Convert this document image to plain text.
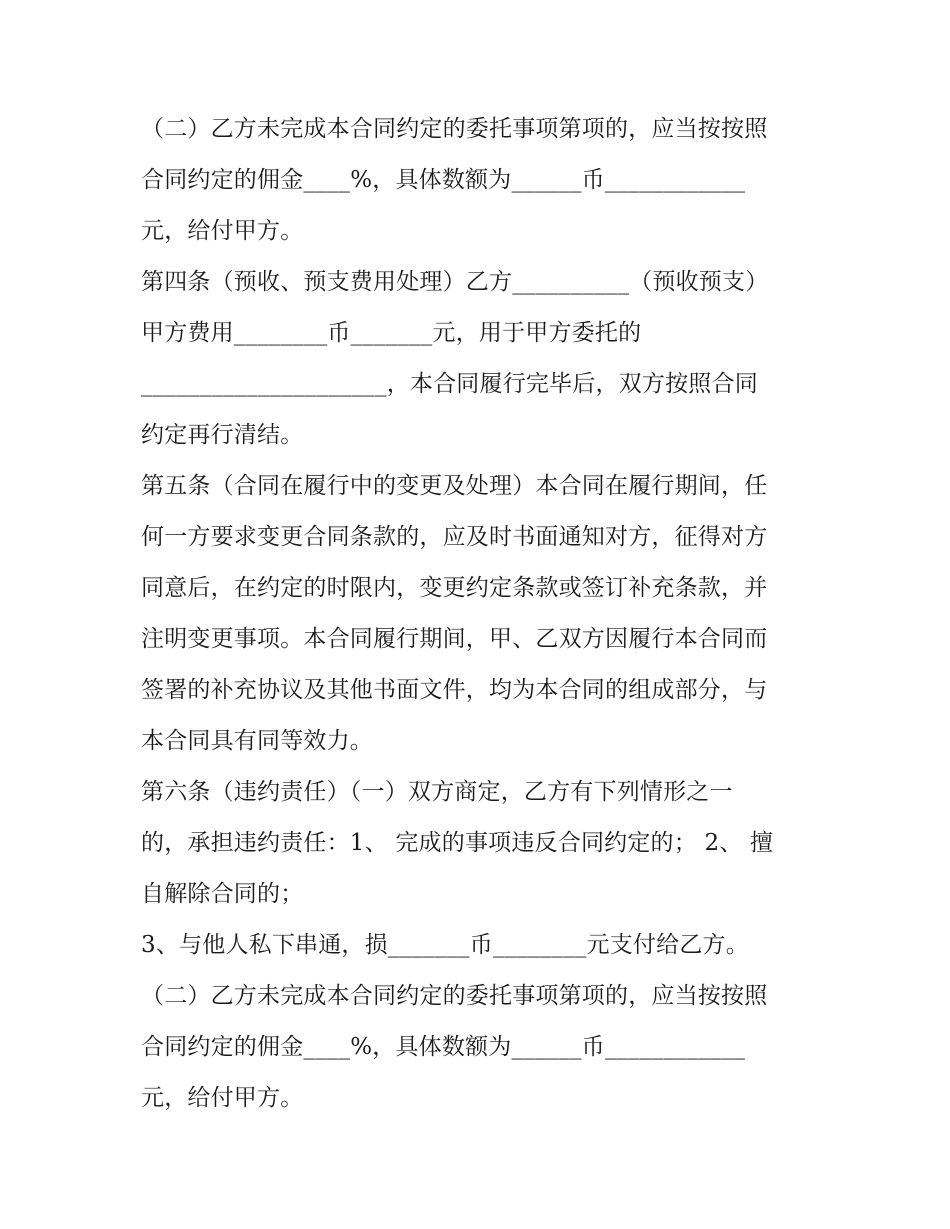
（二）乙方未完成本合同约定的委托事项第项的，应当按按照
合同约定的佣金____%，具体数额为______币____________
元，给付甲方。
第四条（预收、预支费用处理）乙方__________（预收预支）
甲方费用________币_______元，用于甲方委托的
_____________________，本合同履行完毕后，双方按照合同
约定再行清结。
第五条（合同在履行中的变更及处理）本合同在履行期间，任
何一方要求变更合同条款的，应及时书面通知对方，征得对方
同意后，在约定的时限内，变更约定条款或签订补充条款，并
注明变更事项。本合同履行期间，甲、乙双方因履行本合同而
签署的补充协议及其他书面文件，均为本合同的组成部分，与
本合同具有同等效力。
第六条（违约责任）（一）双方商定，乙方有下列情形之一
的，承担违约责任：1、 完成的事项违反合同约定的； 2、 擅
自解除合同的；
3、与他人私下串通，损_______币________元支付给乙方。
（二）乙方未完成本合同约定的委托事项第项的，应当按按照
合同约定的佣金____%，具体数额为______币____________
元，给付甲方。
